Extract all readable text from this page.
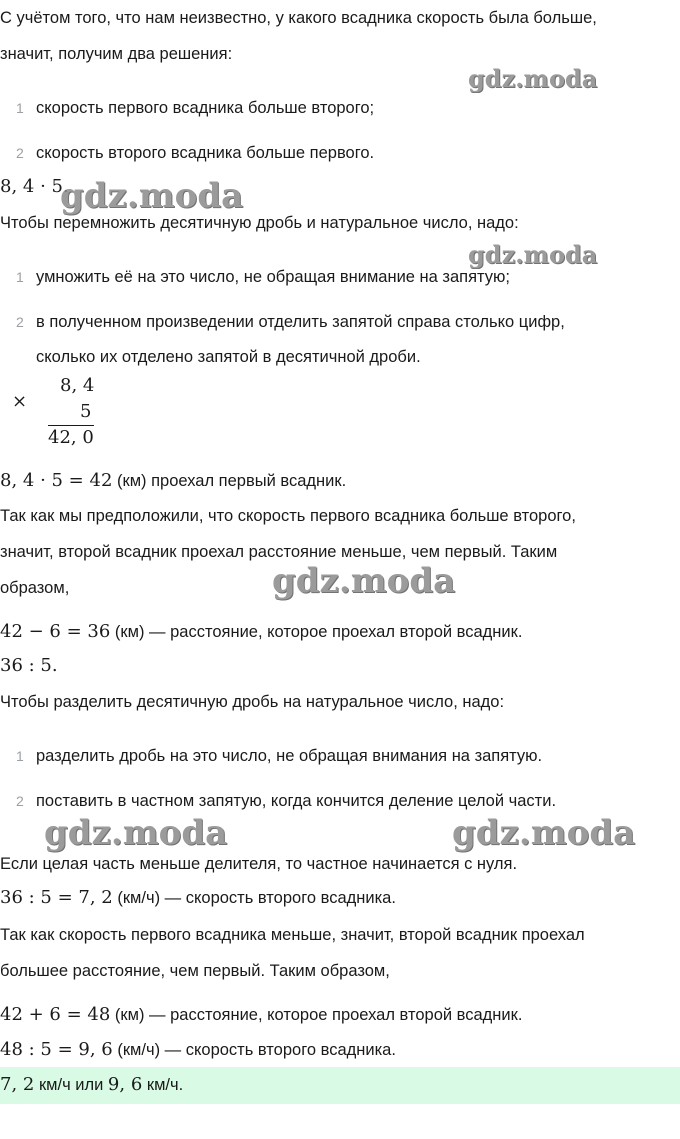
С учётом того, что нам неизвестно, у какого всадника скорость была больше,
значит, получим два решения:
gdz.moda
1 скорость первого всадника больше второго;
2 скорость второго всадника больше первого.
8, 4 · 5.
gdz.moda
Чтобы перемножить десятичную дробь и натуральное число, надо:
gdz.moda
1 умножить её на это число, не обращая внимание на запятую;
2 в полученном произведении отделить запятой справа столько цифр,
сколько их отделено запятой в десятичной дроби.
×
8, 4
5
42, 0
8, 4 · 5 = 42 (км) проехал первый всадник.
Так как мы предположили, что скорость первого всадника больше второго,
значит, второй всадник проехал расстояние меньше, чем первый. Таким
образом,	gdz.moda
42 − 6 = 36 (км) — расстояние, которое проехал второй всадник.
36 : 5.
Чтобы разделить десятичную дробь на натуральное число, надо:
1 разделить дробь на это число, не обращая внимания на запятую.
2 поставить в частном запятую, когда кончится деление целой части.
gdz.moda	gdz.moda
Если целая часть меньше делителя, то частное начинается с нуля.
36 : 5 = 7, 2 (км/ч) — скорость второго всадника.
Так как скорость первого всадника меньше, значит, второй всадник проехал
большее расстояние, чем первый. Таким образом,
42 + 6 = 48 (км) — расстояние, которое проехал второй всадник.
48 : 5 = 9, 6 (км/ч) — скорость второго всадника.
7, 2 км/ч или 9, 6 км/ч.
